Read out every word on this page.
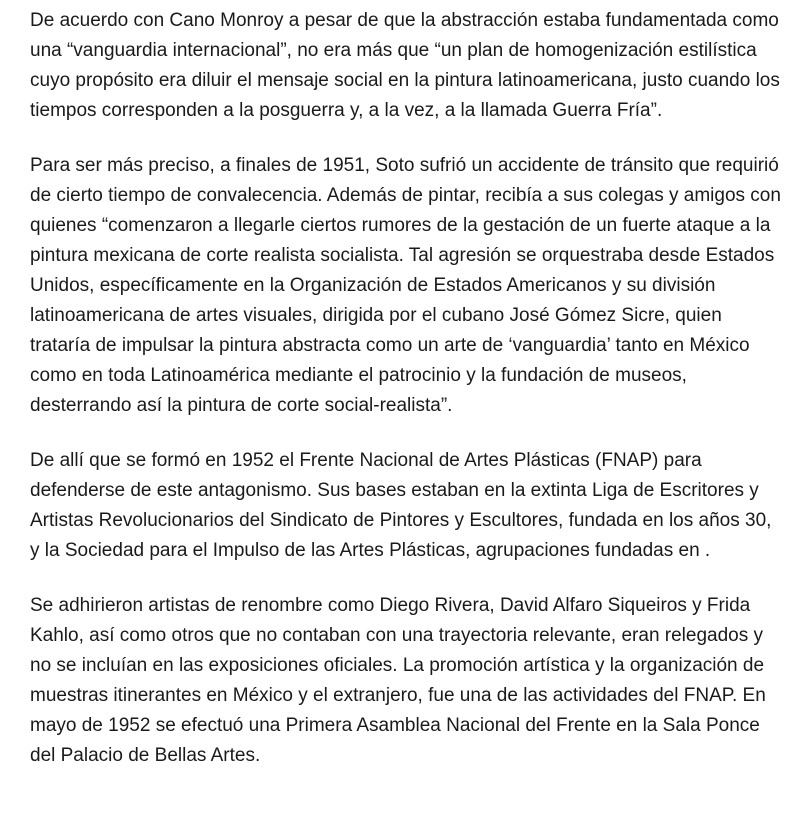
De acuerdo con Cano Monroy a pesar de que la abstracción estaba fundamentada como una “vanguardia internacional”, no era más que “un plan de homogenización estilística cuyo propósito era diluir el mensaje social en la pintura latinoamericana, justo cuando los tiempos corresponden a la posguerra y, a la vez, a la llamada Guerra Fría”.

Para ser más preciso, a finales de 1951, Soto sufrió un accidente de tránsito que requirió de cierto tiempo de convalecencia. Además de pintar, recibía a sus colegas y amigos con quienes “comenzaron a llegarle ciertos rumores de la gestación de un fuerte ataque a la pintura mexicana de corte realista socialista. Tal agresión se orquestraba desde Estados Unidos, específicamente en la Organización de Estados Americanos y su división latinoamericana de artes visuales, dirigida por el cubano José Gómez Sicre, quien trataría de impulsar la pintura abstracta como un arte de ‘vanguardia’ tanto en México como en toda Latinoamérica mediante el patrocinio y la fundación de museos, desterrando así la pintura de corte social-realista”.

De allí que se formó en 1952 el Frente Nacional de Artes Plásticas (FNAP) para defenderse de este antagonismo. Sus bases estaban en la extinta Liga de Escritores y Artistas Revolucionarios del Sindicato de Pintores y Escultores, fundada en los años 30, y la Sociedad para el Impulso de las Artes Plásticas, agrupaciones fundadas en .

Se adhirieron artistas de renombre como Diego Rivera, David Alfaro Siqueiros y Frida Kahlo, así como otros que no contaban con una trayectoria relevante, eran relegados y no se incluían en las exposiciones oficiales. La promoción artística y la organización de muestras itinerantes en México y el extranjero, fue una de las actividades del FNAP. En mayo de 1952 se efectuó una Primera Asamblea Nacional del Frente en la Sala Ponce del Palacio de Bellas Artes.
